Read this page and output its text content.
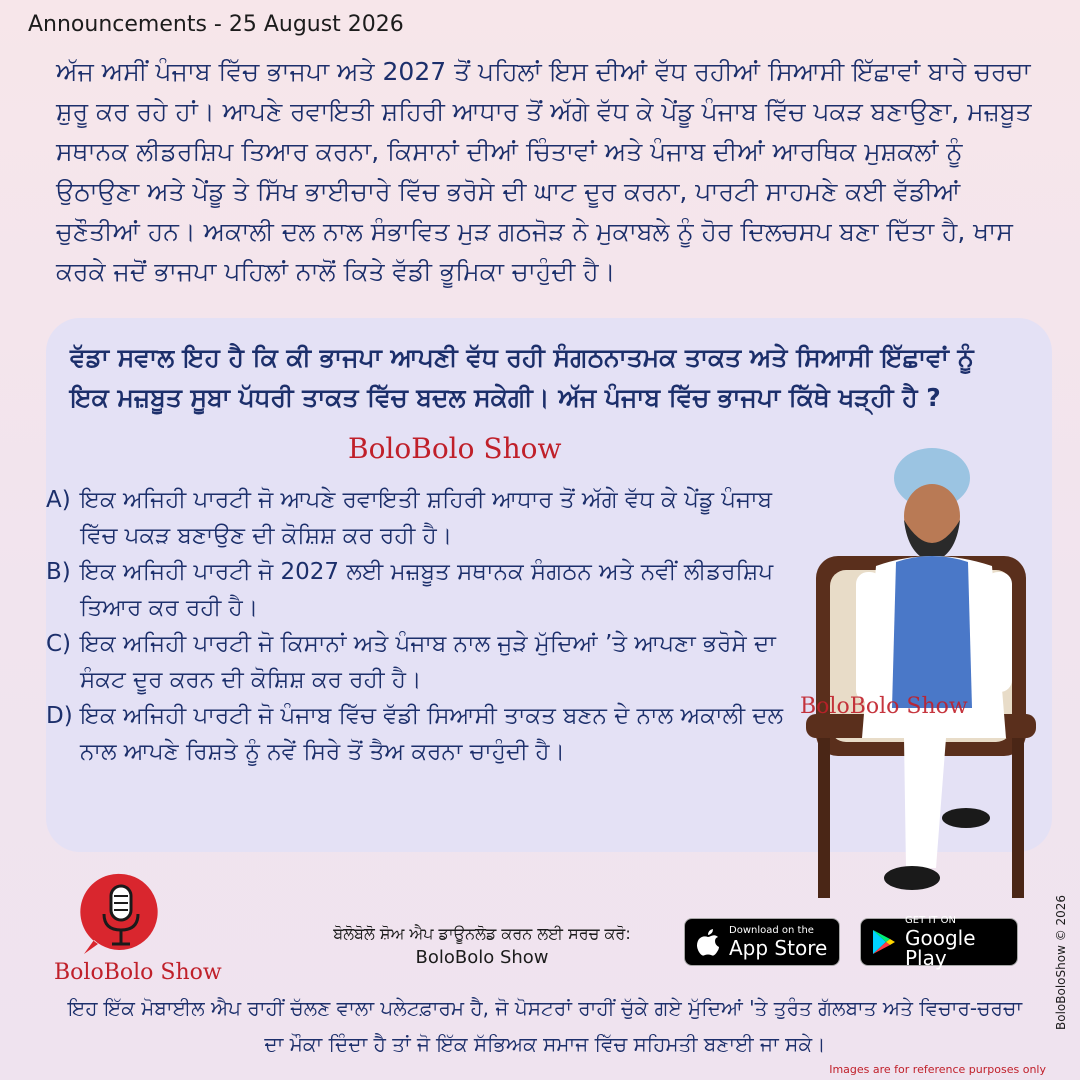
Announcements - 25 August 2026
ਅੱਜ ਅਸੀਂ ਪੰਜਾਬ ਵਿੱਚ ਭਾਜਪਾ ਅਤੇ 2027 ਤੋਂ ਪਹਿਲਾਂ ਇਸ ਦੀਆਂ ਵੱਧ ਰਹੀਆਂ ਸਿਆਸੀ ਇੱਛਾਵਾਂ ਬਾਰੇ ਚਰਚਾ ਸ਼ੁਰੂ ਕਰ ਰਹੇ ਹਾਂ। ਆਪਣੇ ਰਵਾਇਤੀ ਸ਼ਹਿਰੀ ਆਧਾਰ ਤੋਂ ਅੱਗੇ ਵੱਧ ਕੇ ਪੇਂਡੂ ਪੰਜਾਬ ਵਿੱਚ ਪਕੜ ਬਣਾਉਣਾ, ਮਜ਼ਬੂਤ ਸਥਾਨਕ ਲੀਡਰਸ਼ਿਪ ਤਿਆਰ ਕਰਨਾ, ਕਿਸਾਨਾਂ ਦੀਆਂ ਚਿੰਤਾਵਾਂ ਅਤੇ ਪੰਜਾਬ ਦੀਆਂ ਆਰਥਿਕ ਮੁਸ਼ਕਲਾਂ ਨੂੰ ਉਠਾਉਣਾ ਅਤੇ ਪੇਂਡੂ ਤੇ ਸਿੱਖ ਭਾਈਚਾਰੇ ਵਿੱਚ ਭਰੋਸੇ ਦੀ ਘਾਟ ਦੂਰ ਕਰਨਾ, ਪਾਰਟੀ ਸਾਹਮਣੇ ਕਈ ਵੱਡੀਆਂ ਚੁਣੌਤੀਆਂ ਹਨ। ਅਕਾਲੀ ਦਲ ਨਾਲ ਸੰਭਾਵਿਤ ਮੁੜ ਗਠਜੋੜ ਨੇ ਮੁਕਾਬਲੇ ਨੂੰ ਹੋਰ ਦਿਲਚਸਪ ਬਣਾ ਦਿੱਤਾ ਹੈ, ਖਾਸ ਕਰਕੇ ਜਦੋਂ ਭਾਜਪਾ ਪਹਿਲਾਂ ਨਾਲੋਂ ਕਿਤੇ ਵੱਡੀ ਭੂਮਿਕਾ ਚਾਹੁੰਦੀ ਹੈ।
ਵੱਡਾ ਸਵਾਲ ਇਹ ਹੈ ਕਿ ਕੀ ਭਾਜਪਾ ਆਪਣੀ ਵੱਧ ਰਹੀ ਸੰਗਠਨਾਤਮਕ ਤਾਕਤ ਅਤੇ ਸਿਆਸੀ ਇੱਛਾਵਾਂ ਨੂੰ ਇਕ ਮਜ਼ਬੂਤ ਸੂਬਾ ਪੱਧਰੀ ਤਾਕਤ ਵਿੱਚ ਬਦਲ ਸਕੇਗੀ। ਅੱਜ ਪੰਜਾਬ ਵਿੱਚ ਭਾਜਪਾ ਕਿੱਥੇ ਖੜ੍ਹੀ ਹੈ ?
BoloBolo Show
A) ਇਕ ਅਜਿਹੀ ਪਾਰਟੀ ਜੋ ਆਪਣੇ ਰਵਾਇਤੀ ਸ਼ਹਿਰੀ ਆਧਾਰ ਤੋਂ ਅੱਗੇ ਵੱਧ ਕੇ ਪੇਂਡੂ ਪੰਜਾਬ ਵਿੱਚ ਪਕੜ ਬਣਾਉਣ ਦੀ ਕੋਸ਼ਿਸ਼ ਕਰ ਰਹੀ ਹੈ।
B) ਇਕ ਅਜਿਹੀ ਪਾਰਟੀ ਜੋ 2027 ਲਈ ਮਜ਼ਬੂਤ ਸਥਾਨਕ ਸੰਗਠਨ ਅਤੇ ਨਵੀਂ ਲੀਡਰਸ਼ਿਪ ਤਿਆਰ ਕਰ ਰਹੀ ਹੈ।
C) ਇਕ ਅਜਿਹੀ ਪਾਰਟੀ ਜੋ ਕਿਸਾਨਾਂ ਅਤੇ ਪੰਜਾਬ ਨਾਲ ਜੁੜੇ ਮੁੱਦਿਆਂ ’ਤੇ ਆਪਣਾ ਭਰੋਸੇ ਦਾ ਸੰਕਟ ਦੂਰ ਕਰਨ ਦੀ ਕੋਸ਼ਿਸ਼ ਕਰ ਰਹੀ ਹੈ।
D) ਇਕ ਅਜਿਹੀ ਪਾਰਟੀ ਜੋ ਪੰਜਾਬ ਵਿੱਚ ਵੱਡੀ ਸਿਆਸੀ ਤਾਕਤ ਬਣਨ ਦੇ ਨਾਲ ਅਕਾਲੀ ਦਲ ਨਾਲ ਆਪਣੇ ਰਿਸ਼ਤੇ ਨੂੰ ਨਵੇਂ ਸਿਰੇ ਤੋਂ ਤੈਅ ਕਰਨਾ ਚਾਹੁੰਦੀ ਹੈ।
BoloBolo Show
BoloBolo Show
ਬੋਲੋਬੋਲੋ ਸ਼ੋਅ ਐਪ ਡਾਊਨਲੋਡ ਕਰਨ ਲਈ ਸਰਚ ਕਰੋ:
BoloBolo Show
Download on the
App Store
GET IT ON
Google Play
ਇਹ ਇੱਕ ਮੋਬਾਈਲ ਐਪ ਰਾਹੀਂ ਚੱਲਣ ਵਾਲਾ ਪਲੇਟਫ਼ਾਰਮ ਹੈ, ਜੋ ਪੋਸਟਰਾਂ ਰਾਹੀਂ ਚੁੱਕੇ ਗਏ ਮੁੱਦਿਆਂ 'ਤੇ ਤੁਰੰਤ ਗੱਲਬਾਤ ਅਤੇ ਵਿਚਾਰ-ਚਰਚਾ ਦਾ ਮੌਕਾ ਦਿੰਦਾ ਹੈ ਤਾਂ ਜੋ ਇੱਕ ਸੱਭਿਅਕ ਸਮਾਜ ਵਿੱਚ ਸਹਿਮਤੀ ਬਣਾਈ ਜਾ ਸਕੇ।
BoloBoloShow © 2026
Images are for reference purposes only
